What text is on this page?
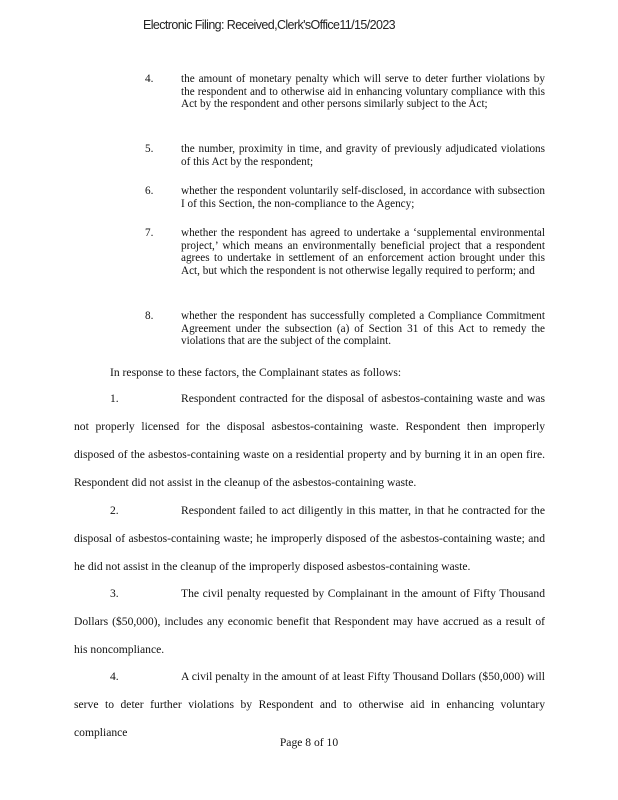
Electronic Filing: Received,Clerk'sOffice11/15/2023
4. the amount of monetary penalty which will serve to deter further violations by the respondent and to otherwise aid in enhancing voluntary compliance with this Act by the respondent and other persons similarly subject to the Act;
5. the number, proximity in time, and gravity of previously adjudicated violations of this Act by the respondent;
6. whether the respondent voluntarily self-disclosed, in accordance with subsection I of this Section, the non-compliance to the Agency;
7. whether the respondent has agreed to undertake a ‘supplemental environmental project,’ which means an environmentally beneficial project that a respondent agrees to undertake in settlement of an enforcement action brought under this Act, but which the respondent is not otherwise legally required to perform; and
8. whether the respondent has successfully completed a Compliance Commitment Agreement under the subsection (a) of Section 31 of this Act to remedy the violations that are the subject of the complaint.
In response to these factors, the Complainant states as follows:
1.	Respondent contracted for the disposal of asbestos-containing waste and was not properly licensed for the disposal asbestos-containing waste. Respondent then improperly disposed of the asbestos-containing waste on a residential property and by burning it in an open fire. Respondent did not assist in the cleanup of the asbestos-containing waste.
2.	Respondent failed to act diligently in this matter, in that he contracted for the disposal of asbestos-containing waste; he improperly disposed of the asbestos-containing waste; and he did not assist in the cleanup of the improperly disposed asbestos-containing waste.
3.	The civil penalty requested by Complainant in the amount of Fifty Thousand Dollars ($50,000), includes any economic benefit that Respondent may have accrued as a result of his noncompliance.
4.	A civil penalty in the amount of at least Fifty Thousand Dollars ($50,000) will serve to deter further violations by Respondent and to otherwise aid in enhancing voluntary compliance
Page 8 of 10
